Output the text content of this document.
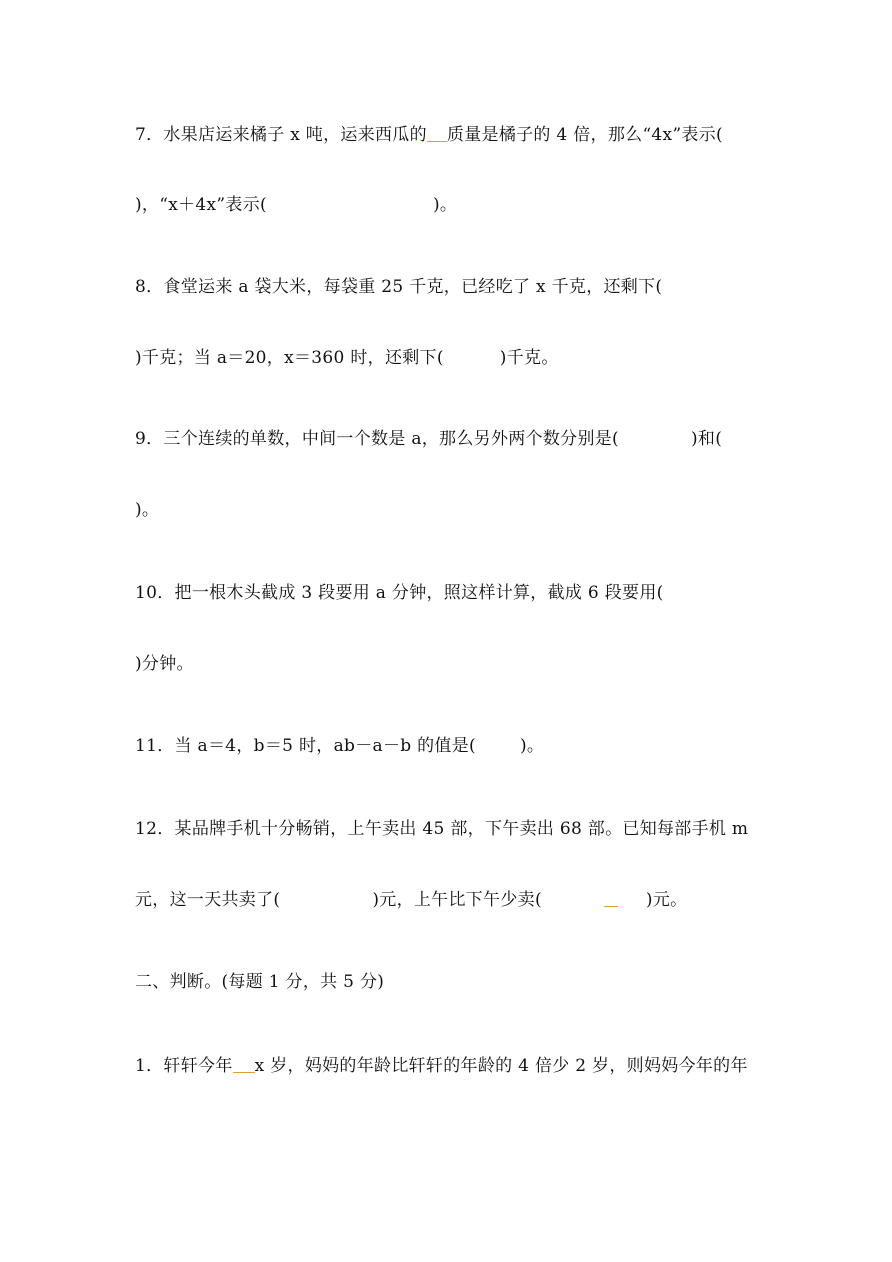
7．水果店运来橘子 x 吨，运来西瓜的 质量是橘子的 4 倍，那么“4x”表示(
)，“x＋4x”表示(	)。
8．食堂运来 a 袋大米，每袋重 25 千克，已经吃了 x 千克，还剩下(
)千克；当 a＝20，x＝360 时，还剩下(	)千克。
9．三个连续的单数，中间一个数是 a，那么另外两个数分别是(	)和(
)。
10．把一根木头截成 3 段要用 a 分钟，照这样计算，截成 6 段要用(
)分钟。
11．当 a＝4，b＝5 时，ab－a－b 的值是(	)。
12．某品牌手机十分畅销，上午卖出 45 部，下午卖出 68 部。已知每部手机 m
元，这一天共卖了(	)元，上午比下午少卖(	)元。
二、判断。(每题 1 分，共 5 分)
1．轩轩今年 x 岁，妈妈的年龄比轩轩的年龄的 4 倍少 2 岁，则妈妈今年的年
